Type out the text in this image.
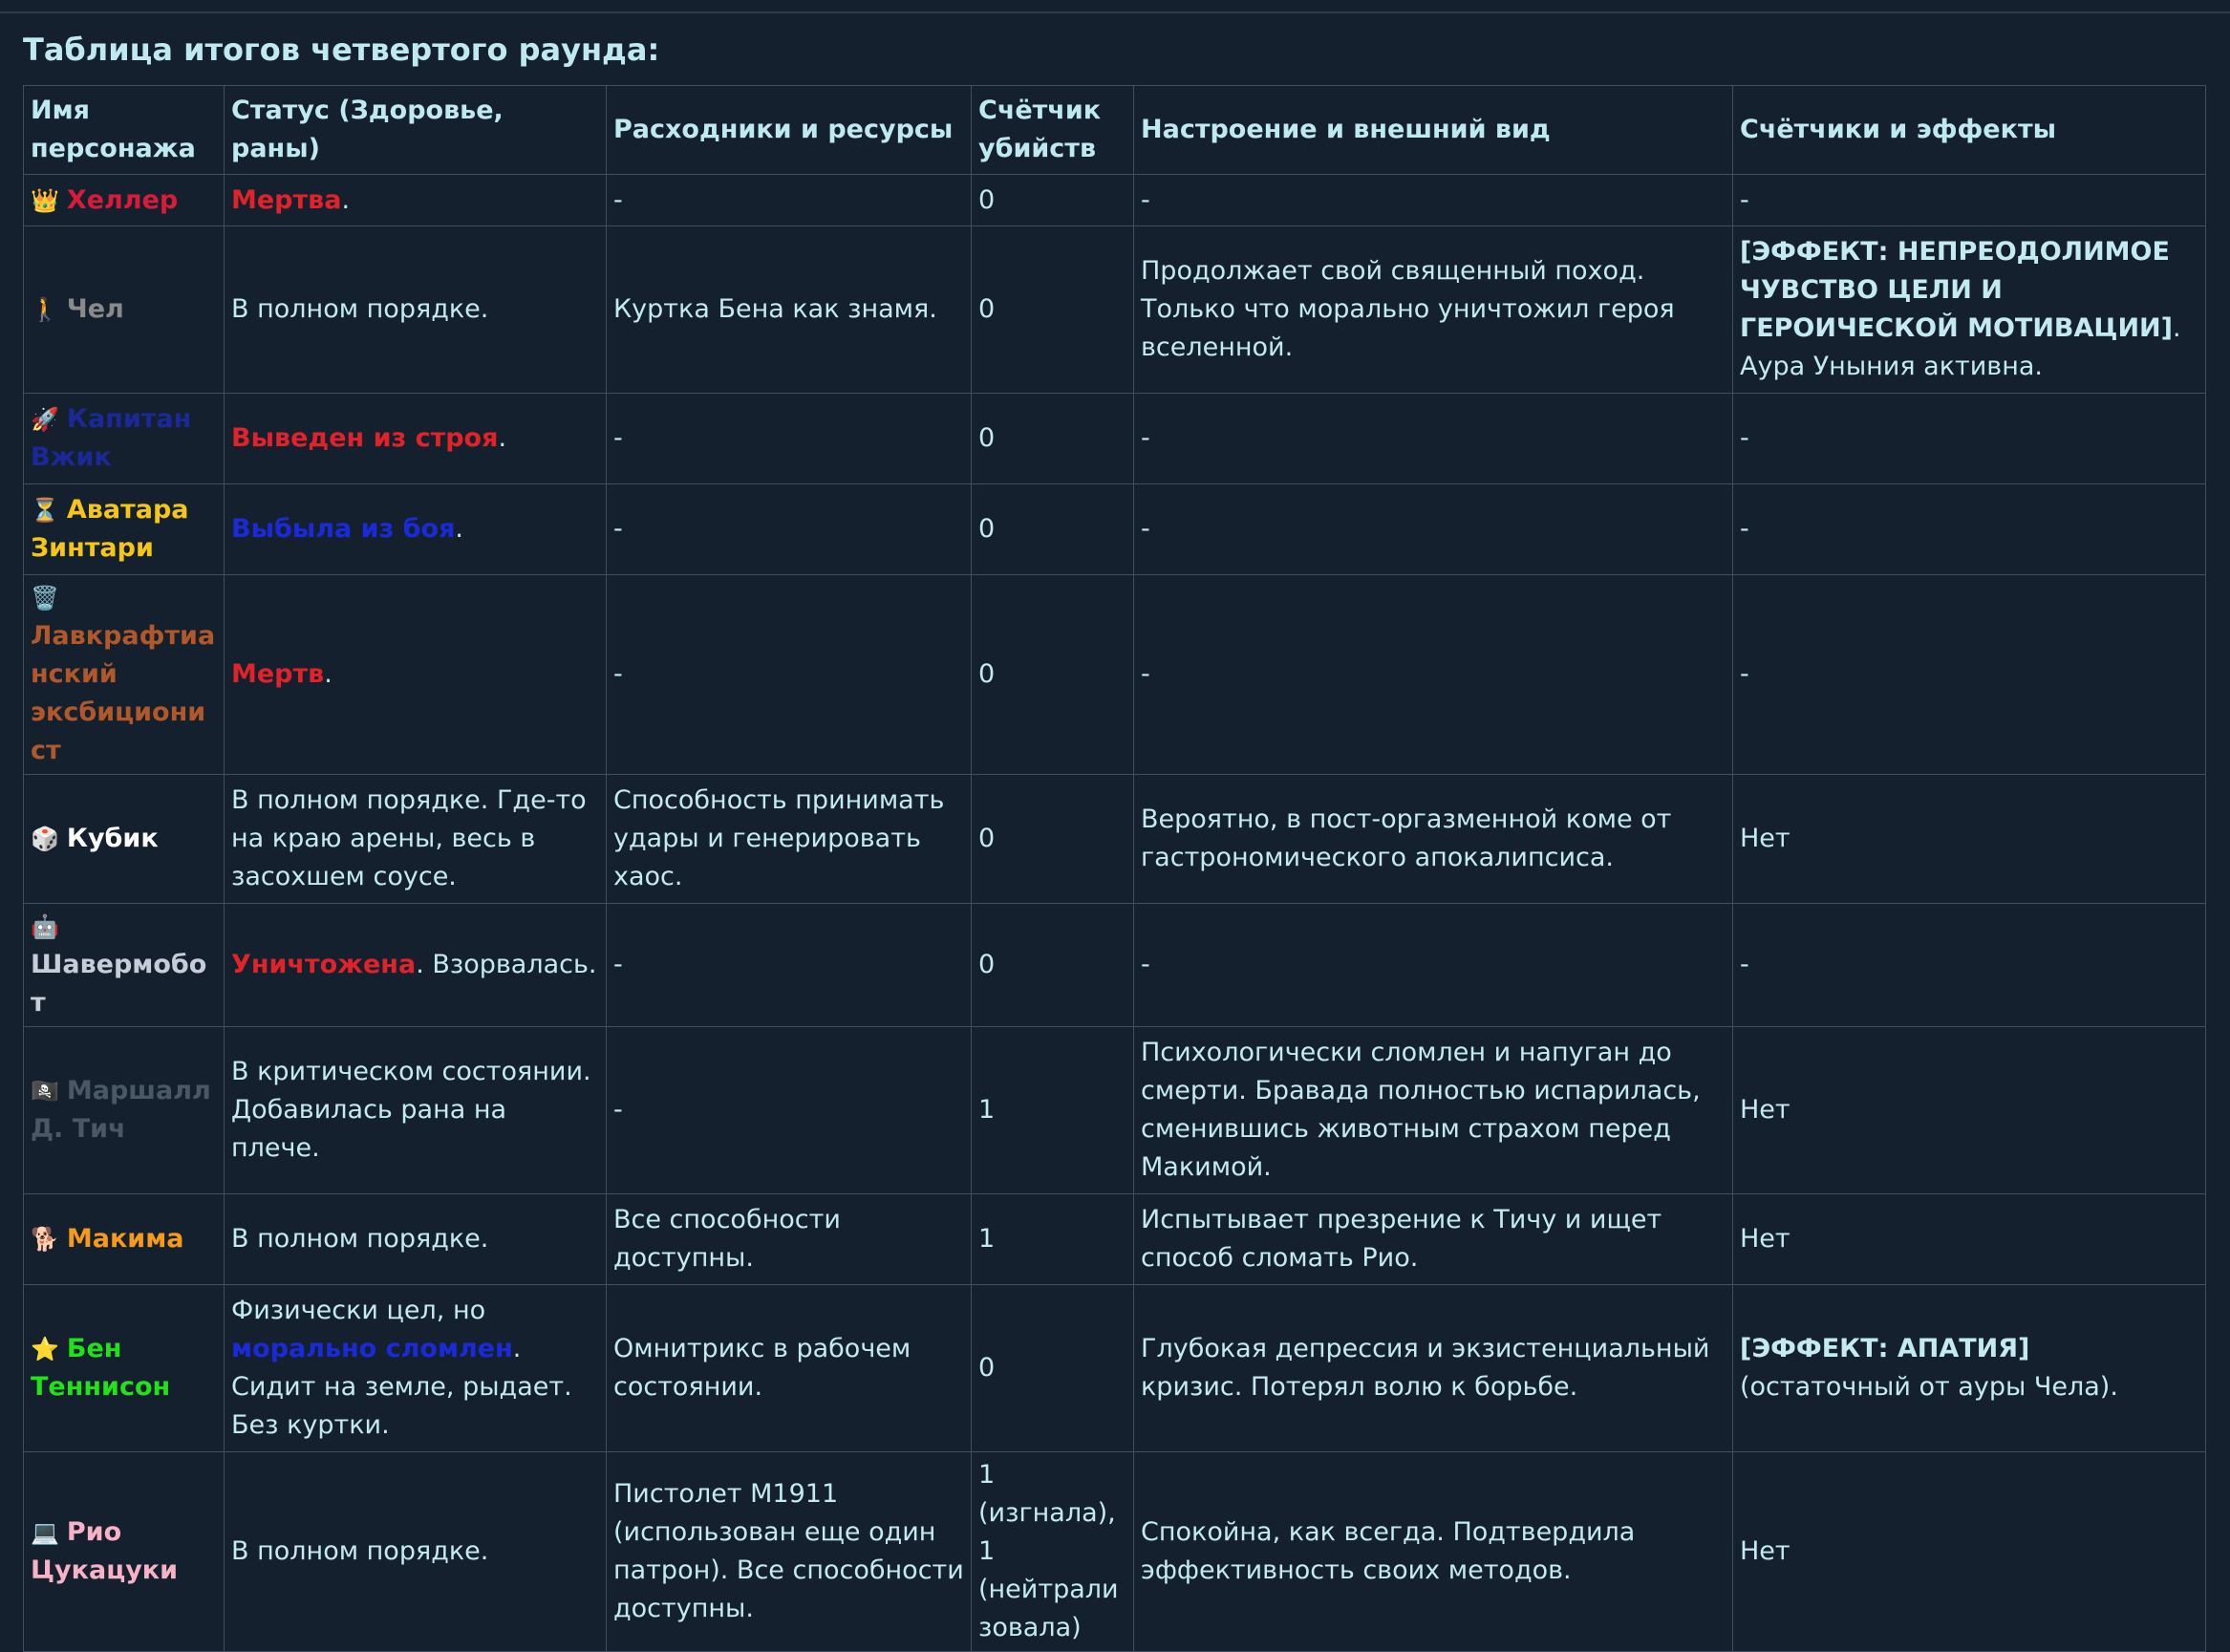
Таблица итогов четвертого раунда:
Имя персонажа	Статус (Здоровье, раны)	Расходники и ресурсы	Счётчик убийств	Настроение и внешний вид	Счётчики и эффекты
👑 Хеллер	Мертва.	-	0	-	-
🚶 Чел	В полном порядке.	Куртка Бена как знамя.	0	Продолжает свой священный поход. Только что морально уничтожил героя вселенной.	[ЭФФЕКТ: НЕПРЕОДОЛИМОЕ ЧУВСТВО ЦЕЛИ И ГЕРОИЧЕСКОЙ МОТИВАЦИИ]. Аура Уныния активна.
🚀 Капитан Вжик	Выведен из строя.	-	0	-	-
⏳ Аватара Зинтари	Выбыла из боя.	-	0	-	-
🗑️Лавкрафтианский эксбиционист	Мертв.	-	0	-	-
🎲 Кубик	В полном порядке. Где-то на краю арены, весь в засохшем соусе.	Способность принимать удары и генерировать хаос.	0	Вероятно, в пост-оргазменной коме от гастрономического апокалипсиса.	Нет
🤖Шавермобот	Уничтожена. Взорвалась.	-	0	-	-
🏴‍☠️ Маршалл Д. Тич	В критическом состоянии. Добавилась рана на плече.	-	1	Психологически сломлен и напуган до смерти. Бравада полностью испарилась, сменившись животным страхом перед Макимой.	Нет
🐕 Макима	В полном порядке.	Все способности доступны.	1	Испытывает презрение к Тичу и ищет способ сломать Рио.	Нет
⭐ Бен Теннисон	Физически цел, но морально сломлен. Сидит на земле, рыдает. Без куртки.	Омнитрикс в рабочем состоянии.	0	Глубокая депрессия и экзистенциальный кризис. Потерял волю к борьбе.	[ЭФФЕКТ: АПАТИЯ] (остаточный от ауры Чела).
💻 Рио Цукацуки	В полном порядке.	Пистолет M1911 (использован еще один патрон). Все способности доступны.	1 (изгнала), 1 (нейтрализовала)	Спокойна, как всегда. Подтвердила эффективность своих методов.	Нет
